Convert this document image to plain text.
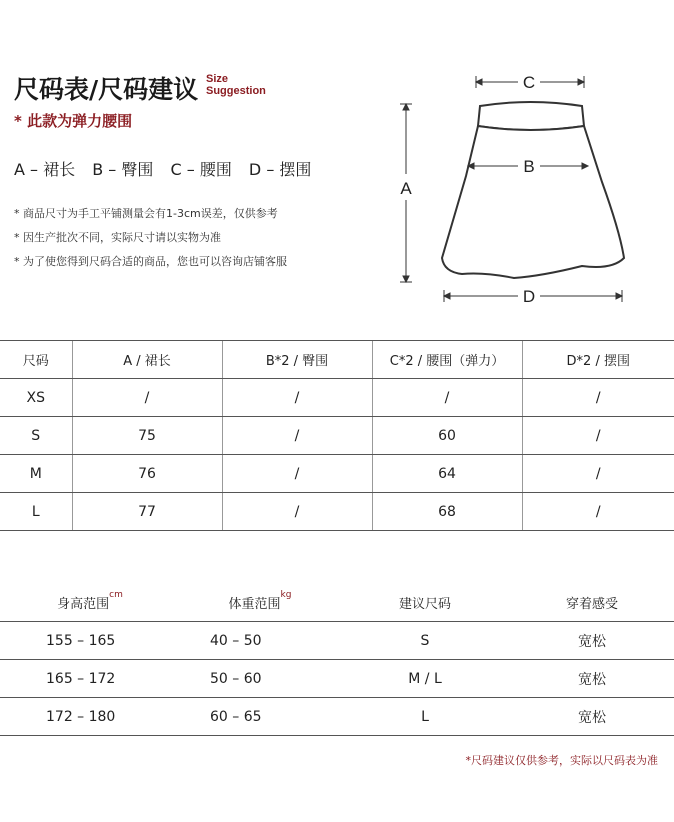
尺码表/尺码建议 Size
Suggestion
* 此款为弹力腰围
A – 裙长 B – 臀围 C – 腰围 D – 摆围
* 商品尺寸为手工平铺测量会有1-3cm误差，仅供参考
* 因生产批次不同，实际尺寸请以实物为准
* 为了使您得到尺码合适的商品，您也可以咨询店铺客服
C
B
A
D
尺码	A / 裙长	B*2 / 臀围	C*2 / 腰围（弹力）	D*2 / 摆围
XS	/	/	/	/
S	75	/	60	/
M	76	/	64	/
L	77	/	68	/
身高范围$^{cm}$	体重范围$^{kg}$	建议尺码	穿着感受
155 – 165	40 – 50	S	宽松
165 – 172	50 – 60	M / L	宽松
172 – 180	60 – 65	L	宽松
*尺码建议仅供参考，实际以尺码表为准
